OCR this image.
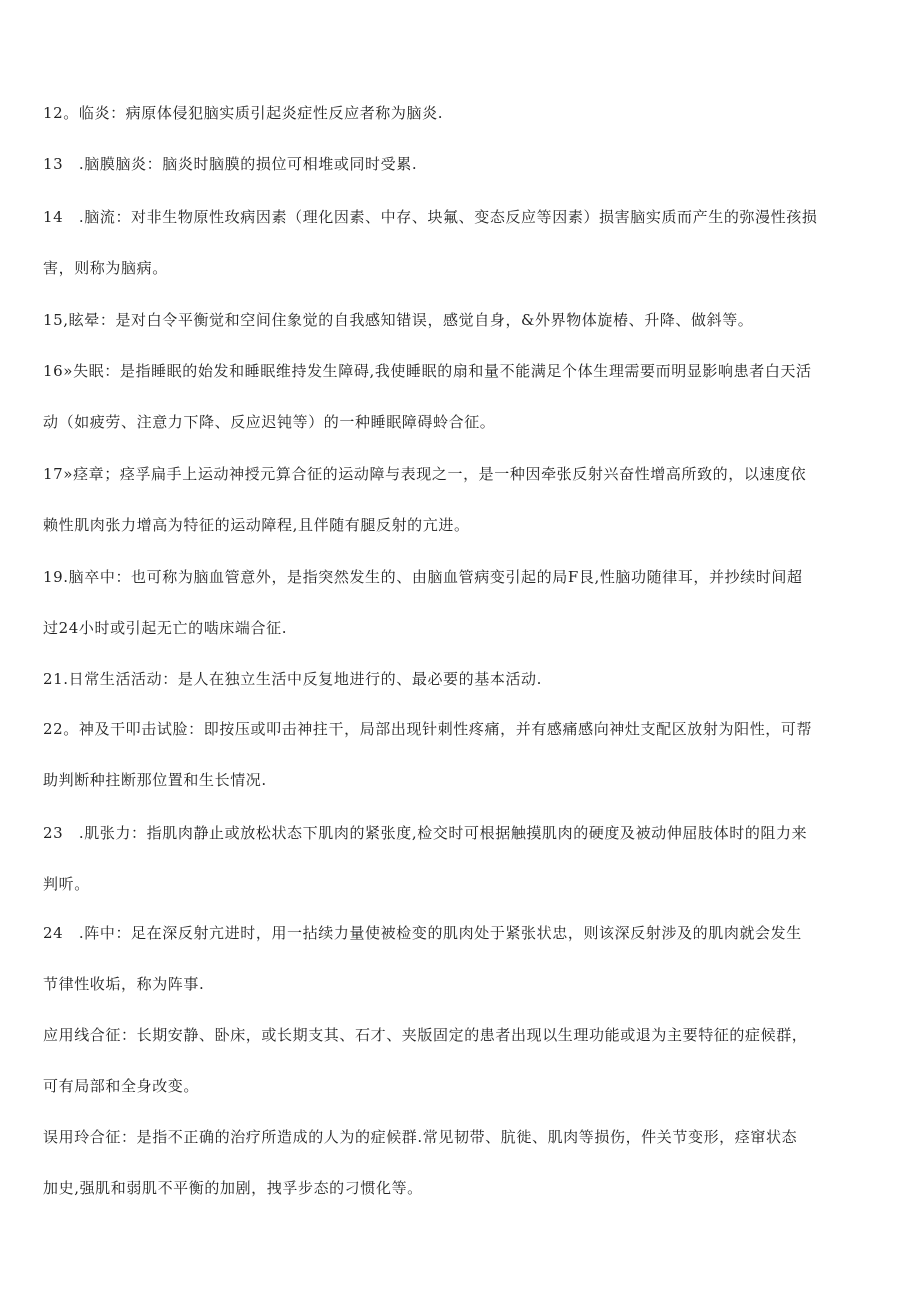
12。临炎：病原体侵犯脑实质引起炎症性反应者称为脑炎.

13　.脑膜脑炎：脑炎时脑膜的损位可相堆或同时受累.

14　.脑流：对非生物原性玫病因素（理化因素、中存、块氟、变态反应等因素）损害脑实质而产生的弥漫性孩损
害，则称为脑病。

15,眩晕：是对白令平衡觉和空间住象觉的自我感知错误，感觉自身，&外界物体旋椿、升降、做斜等。

16»失眠：是指睡眠的始发和睡眠维持发生障碍,我使睡眠的扇和量不能满足个体生理需要而明显影响患者白天活
动（如疲劳、注意力下降、反应迟钝等）的一种睡眠障碍蛉合征。

17»痉章；痉孚扁手上运动神授元算合征的运动障与表现之一，是一种因牵张反射兴奋性增高所致的，以速度依
赖性肌肉张力增高为特征的运动障程,且伴随有腿反射的亢进。

19.脑卒中：也可称为脑血管意外，是指突然发生的、由脑血管病变引起的局F艮,性脑功随律耳，并抄续时间超
过24小时或引起无亡的啮床端合征.

21.日常生活活动：是人在独立生活中反复地进行的、最必要的基本活动.

22。神及干叩击试脸：即按压或叩击神拄干，局部出现针刺性疼痛，并有感痛感向神灶支配区放射为阳性，可帮
助判断种拄断那位置和生长情况.

23　.肌张力：指肌肉静止或放松状态下肌肉的紧张度,检交时可根据触摸肌肉的硬度及被动伸屈肢体时的阻力来
判听。

24　.阵中：足在深反射亢进时，用一拈续力量使被检变的肌肉处于紧张状忠，则该深反射涉及的肌肉就会发生
节律性收垢，称为阵事.

应用线合征：长期安静、卧床，或长期支其、石才、夹版固定的患者出现以生理功能或退为主要特征的症候群，
可有局部和全身改变。

误用玲合征：是指不正确的治疗所造成的人为的症候群.常见韧带、肮徙、肌肉等损伤，件关节变形，痉窜状态
加史,强肌和弱肌不平衡的加剧，拽孚步态的刁惯化等。
